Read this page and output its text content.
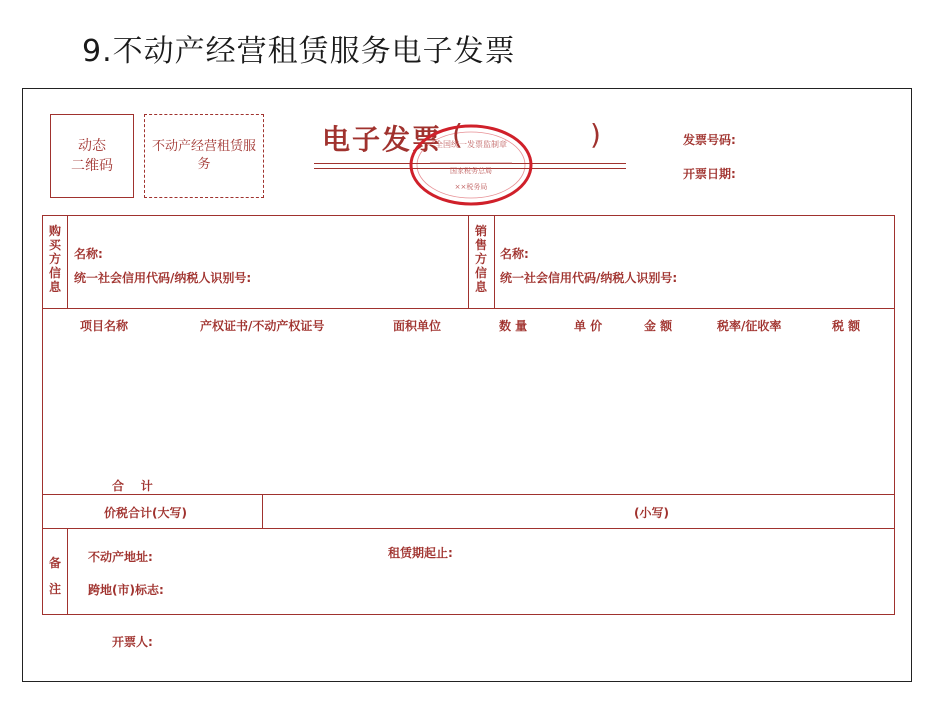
9.不动产经营租赁服务电子发票
动态
二维码
不动产经营租赁服务
电子发票 (	)
全国统一发票监制章
国家税务总局
××税务局
发票号码:
开票日期:
购买方信息
名称:
统一社会信用代码/纳税人识别号:
销售方信息
名称:
统一社会信用代码/纳税人识别号:
项目名称	产权证书/不动产权证号	面积单位	数 量	单 价	金 额	税率/征收率	税 额
合    计
价税合计(大写)	(小写)
备注
不动产地址:	租赁期起止:
跨地(市)标志:
开票人:
